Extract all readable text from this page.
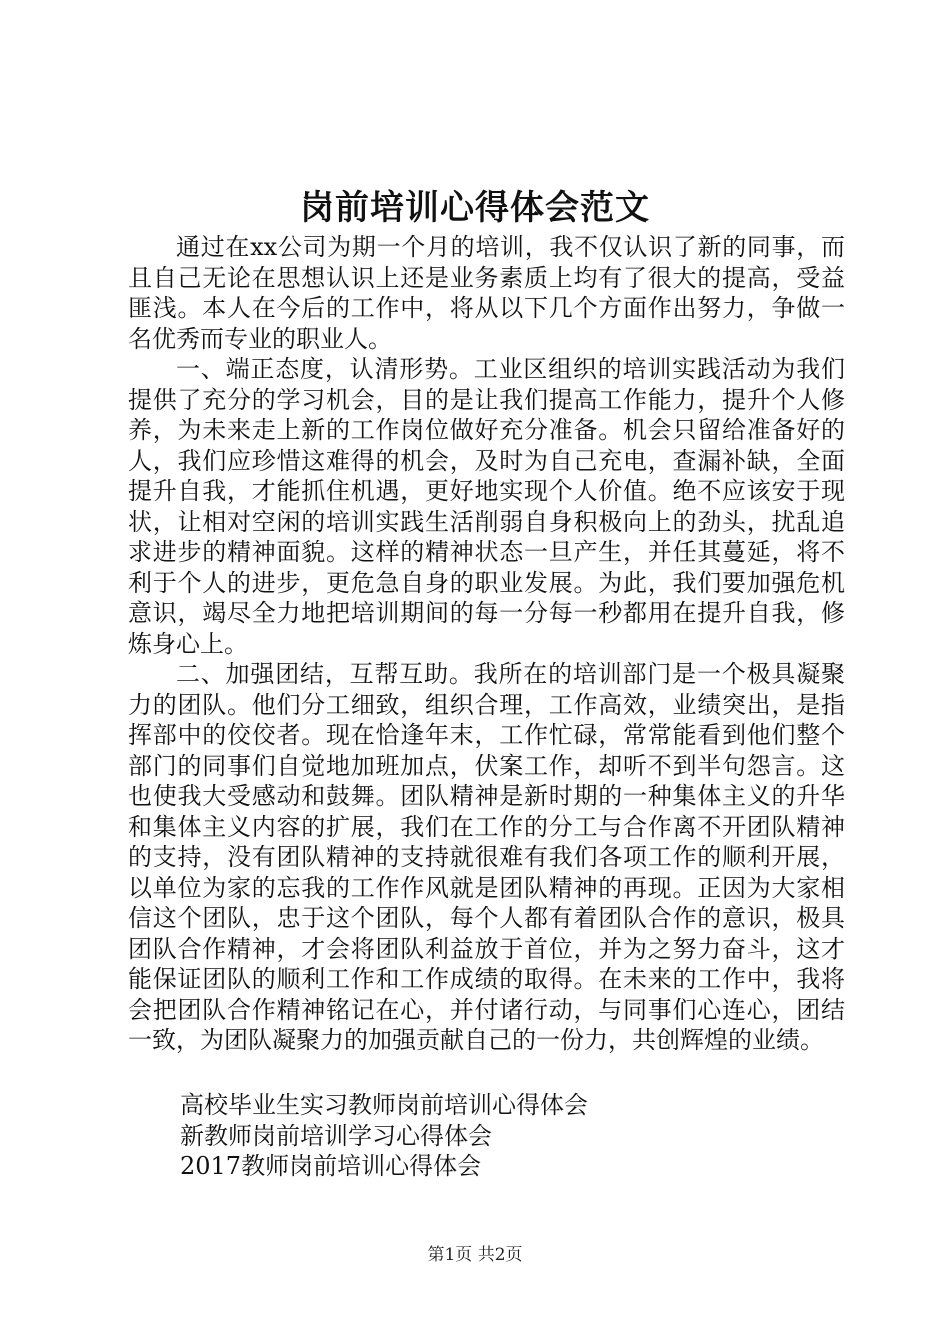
岗前培训心得体会范文

通过在xx公司为期一个月的培训，我不仅认识了新的同事，而且自己无论在思想认识上还是业务素质上均有了很大的提高，受益匪浅。本人在今后的工作中，将从以下几个方面作出努力，争做一名优秀而专业的职业人。

一、端正态度，认清形势。工业区组织的培训实践活动为我们提供了充分的学习机会，目的是让我们提高工作能力，提升个人修养，为未来走上新的工作岗位做好充分准备。机会只留给准备好的人，我们应珍惜这难得的机会，及时为自己充电，查漏补缺，全面提升自我，才能抓住机遇，更好地实现个人价值。绝不应该安于现状，让相对空闲的培训实践生活削弱自身积极向上的劲头，扰乱追求进步的精神面貌。这样的精神状态一旦产生，并任其蔓延，将不利于个人的进步，更危急自身的职业发展。为此，我们要加强危机意识，竭尽全力地把培训期间的每一分每一秒都用在提升自我，修炼身心上。

二、加强团结，互帮互助。我所在的培训部门是一个极具凝聚力的团队。他们分工细致，组织合理，工作高效，业绩突出，是指挥部中的佼佼者。现在恰逢年末，工作忙碌，常常能看到他们整个部门的同事们自觉地加班加点，伏案工作，却听不到半句怨言。这也使我大受感动和鼓舞。团队精神是新时期的一种集体主义的升华和集体主义内容的扩展，我们在工作的分工与合作离不开团队精神的支持，没有团队精神的支持就很难有我们各项工作的顺利开展，以单位为家的忘我的工作作风就是团队精神的再现。正因为大家相信这个团队，忠于这个团队，每个人都有着团队合作的意识，极具团队合作精神，才会将团队利益放于首位，并为之努力奋斗，这才能保证团队的顺利工作和工作成绩的取得。在未来的工作中，我将会把团队合作精神铭记在心，并付诸行动，与同事们心连心，团结一致，为团队凝聚力的加强贡献自己的一份力，共创辉煌的业绩。

高校毕业生实习教师岗前培训心得体会
新教师岗前培训学习心得体会
2017教师岗前培训心得体会
第1页 共2页
